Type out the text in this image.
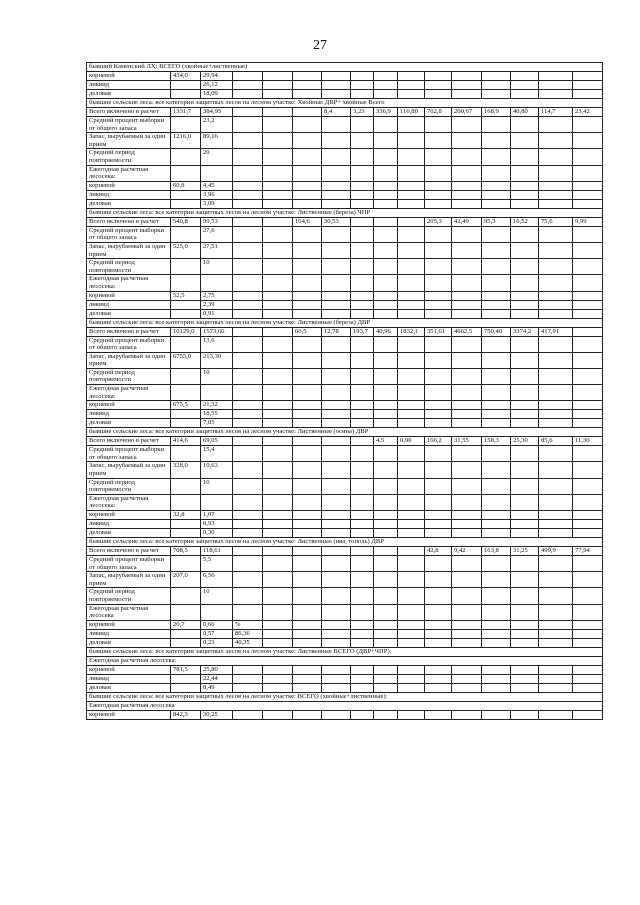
27
бывший Каменский ЛХ: ВСЕГО (хвойные+лиственные)															
корневой	434,0	29,94													
ликвид		26,12													
деловая		18,09													
бывшие сельские леса: все категории защитных лесов на лесном участке: Хвойные ДВР+ хвойные Всего															
Всего включено в расчет	1331,7	384,95				8,4	3,23	336,9	116,80	702,8	200,67	168,9	40,80	114,7	23,42
Средний процент выборки от общего запаса		23,2													
Запас, вырубаемый за один прием	1216,0	89,16													
Средний период повторяемости		20													
Ежегодная расчетная лесосека:															
корневой	60,8	4,45													
ликвид		3,96													
деловая		3,09													
бывшие сельские леса: все категории защитных лесов на лесном участке: Лиственные (береза) ЧПР															
Всего включено в расчет	540,8	99,53			164,6	30,53				205,3	42,49	95,3	16,52	75,6	9,99
Средний процент выборки от общего запаса		27,6													
Запас, вырубаемый за один прием	525,0	27,51													
Средний период повторяемости		10													
Ежегодная расчетная лесосека:															
корневой	52,5	2,75													
ликвид		2,39													
деловая		0,91													
бывшие сельские леса: все категории защитных лесов на лесном участке: Лиственные (береза) ДВР															
Всего включено в расчет	10129,0	1573,66			66,5	12,78	193,7	40,96	1832,1	351,61	4662,5	750,40	3374,2	417,91	
Средний процент выборки от общего запаса		13,6													
Запас, вырубаемый за один прием	6755,0	213,30													
Средний период повторяемости		10													
Ежегодная расчетная лесосека:															
корневой	675,5	21,32													
ликвид		18,55													
деловая		7,05													
бывшие сельские леса: все категории защитных лесов на лесном участке: Лиственные (осина) ДВР															
Всего включено в расчет	414,6	69,05						4,5	0,90	166,2	31,55	158,3	25,30	85,6	11,30
Средний процент выборки от общего запаса		15,4													
Запас, вырубаемый за один прием	328,0	10,63													
Средний период повторяемости		10													
Ежегодная расчетная лесосека:															
корневой	32,8	1,07													
ликвид		0,93													
деловая		0,30													
бывшие сельские леса: все категории защитных лесов на лесном участке: Лиственные (ива, тополь) ДВР															
Всего включено в расчет	708,5	118,61								42,8	9,42	163,8	31,25	499,9	77,94
Средний процент выборки от общего запаса		5,5													
Запас, вырубаемый за один прием	207,0	6,56													
Средний период повторяемости		10													
Ежегодная расчетная лесосека															
корневой	20,7	0,66	%												
ликвид		0,57	86,36												
деловая		0,23	40,35												
бывшие сельские леса: все категории защитных лесов на лесном участке: Лиственные ВСЕГО (ДВР+ЧПР):															
Ежегодная расчетная лесосека:															
корневой	781,5	25,80													
ликвид		22,44													
деловая		8,49													
бывшие сельские леса: все категории защитных лесов на лесном участке: ВСЕГО (хвойные+лиственные):															
Ежегодная расчетная лесосека															
корневой	842,3	30,25													
